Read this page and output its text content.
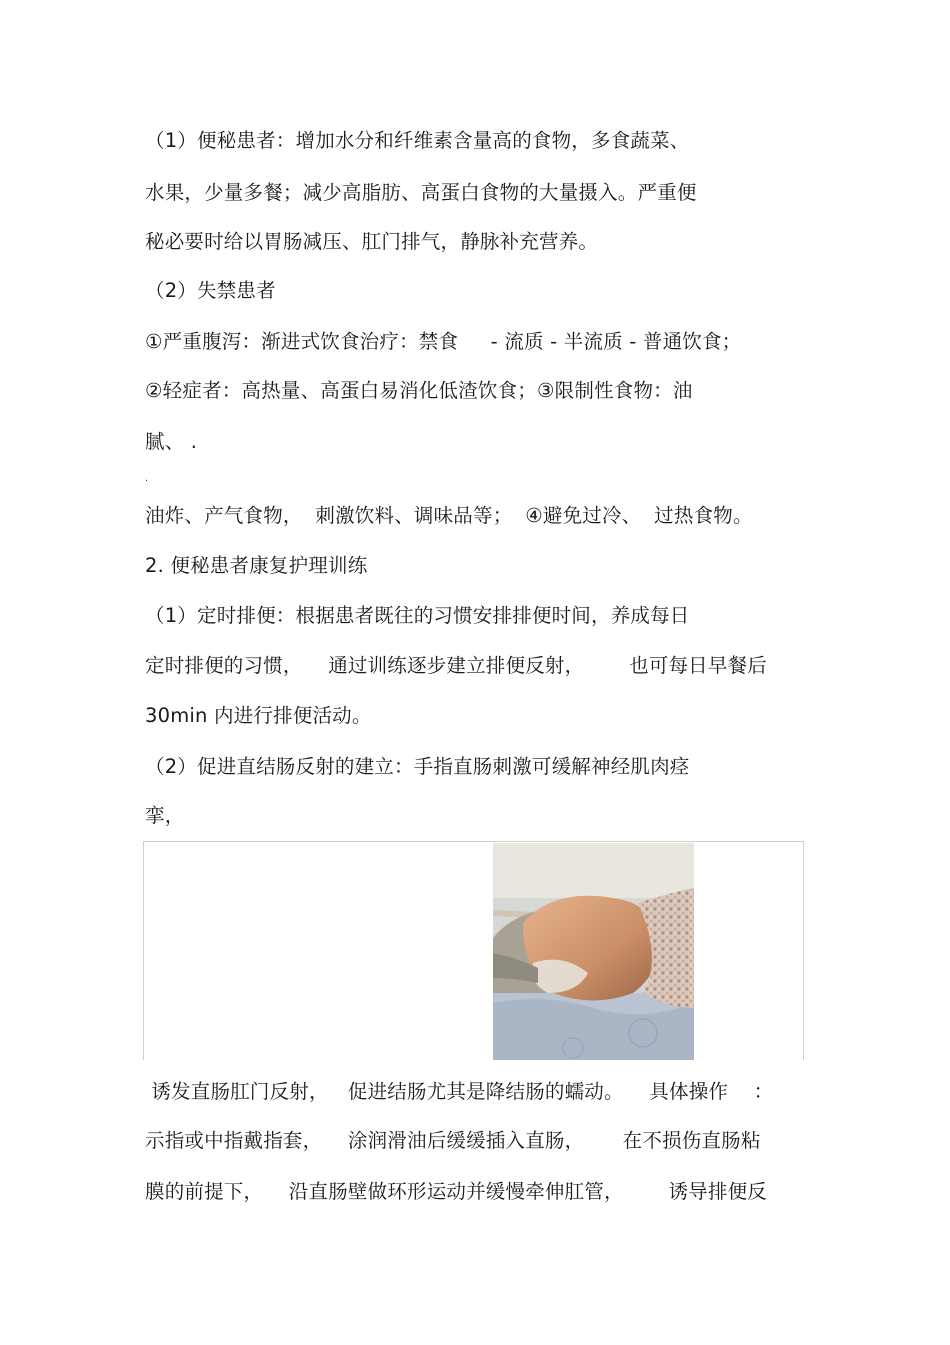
（1）便秘患者：增加水分和纤维素含量高的食物，多食蔬菜、
水果，少量多餐；减少高脂肪、高蛋白食物的大量摄入。严重便
秘必要时给以胃肠减压、肛门排气，静脉补充营养。
（2）失禁患者
①严重腹泻：渐进式饮食治疗：禁食　  - 流质 - 半流质 - 普通饮食；
②轻症者：高热量、高蛋白易消化低渣饮食；③限制性食物：油
腻、 .
.
油炸、产气食物，  刺激饮料、调味品等；  ④避免过冷、  过热食物。
2. 便秘患者康复护理训练
（1）定时排便：根据患者既往的习惯安排排便时间，养成每日
定时排便的习惯，    通过训练逐步建立排便反射，       也可每日早餐后
30min 内进行排便活动。
（2）促进直结肠反射的建立：手指直肠刺激可缓解神经肌肉痉
挛，
诱发直肠肛门反射，   促进结肠尤其是降结肠的蠕动。    具体操作    ：
示指或中指戴指套，    涂润滑油后缓缓插入直肠，      在不损伤直肠粘
膜的前提下，    沿直肠壁做环形运动并缓慢牵伸肛管，       诱导排便反
